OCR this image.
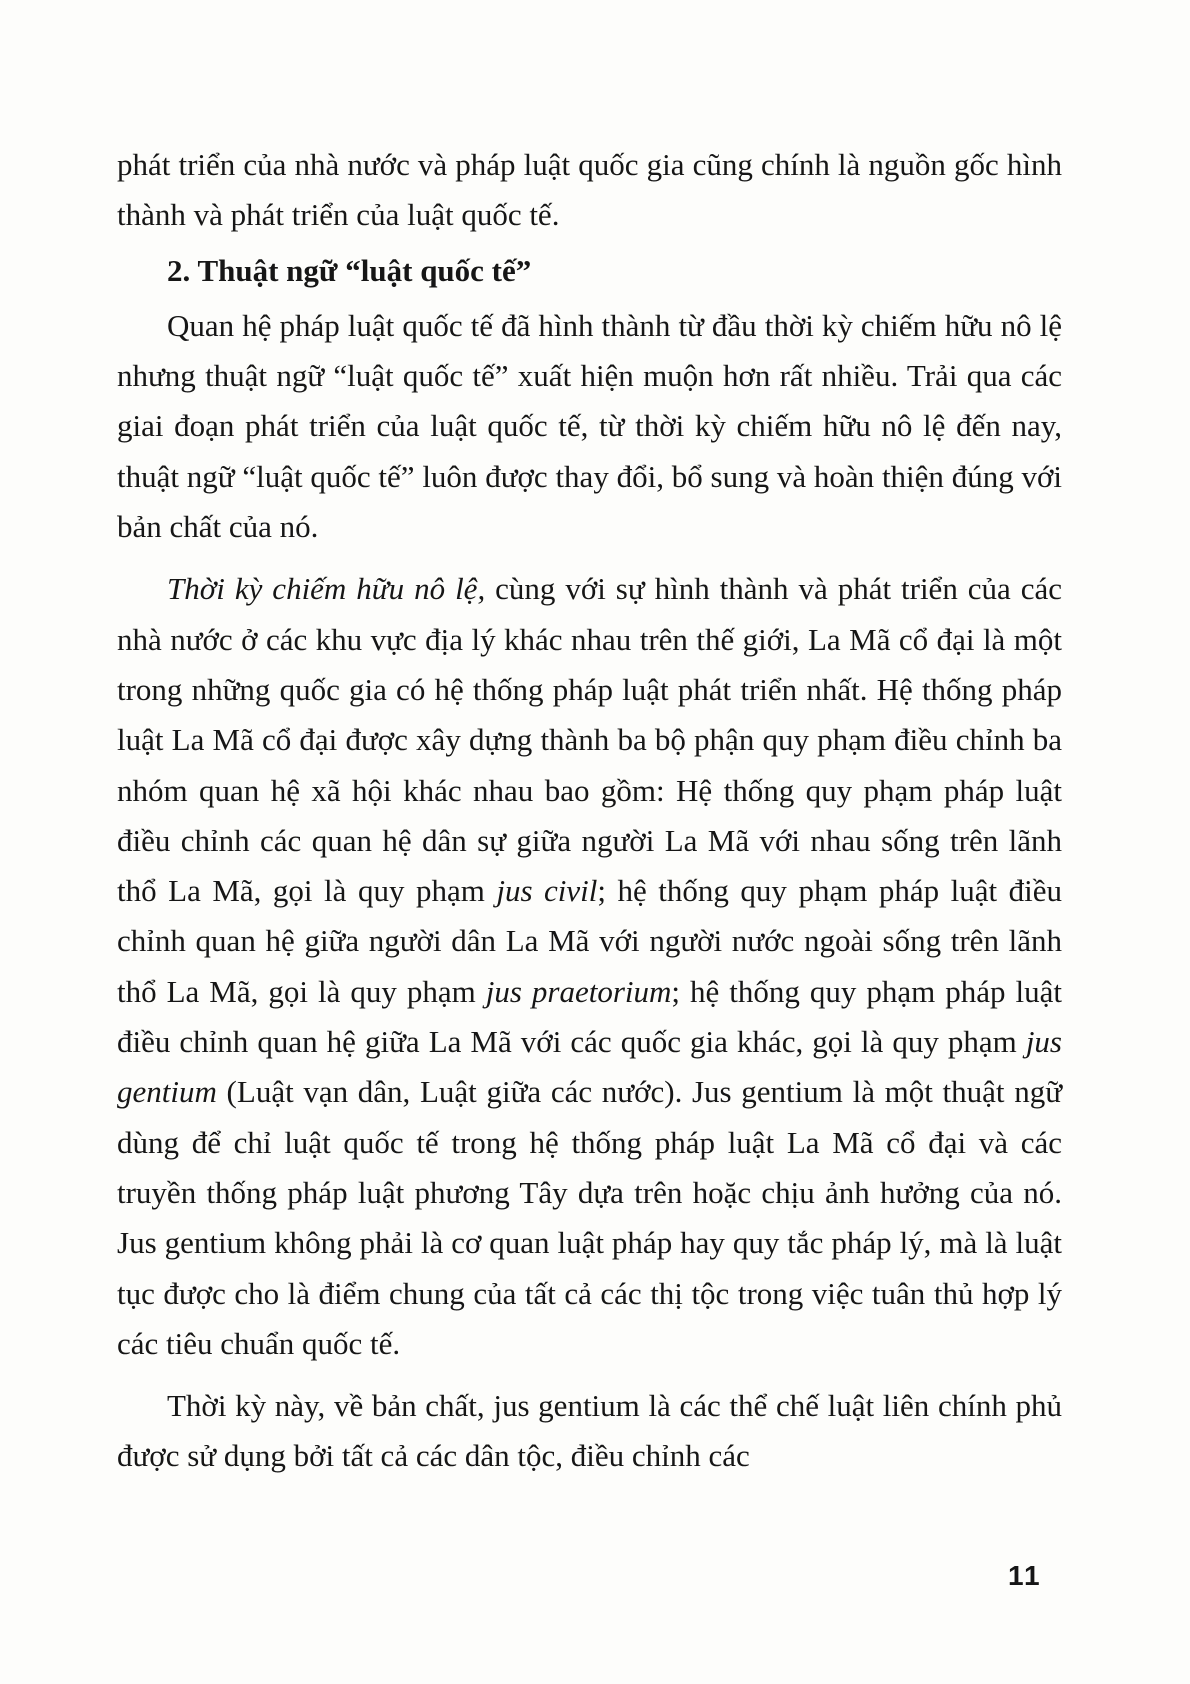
phát triển của nhà nước và pháp luật quốc gia cũng chính là nguồn gốc hình thành và phát triển của luật quốc tế.

2. Thuật ngữ “luật quốc tế”

Quan hệ pháp luật quốc tế đã hình thành từ đầu thời kỳ chiếm hữu nô lệ nhưng thuật ngữ “luật quốc tế” xuất hiện muộn hơn rất nhiều. Trải qua các giai đoạn phát triển của luật quốc tế, từ thời kỳ chiếm hữu nô lệ đến nay, thuật ngữ “luật quốc tế” luôn được thay đổi, bổ sung và hoàn thiện đúng với bản chất của nó.

Thời kỳ chiếm hữu nô lệ, cùng với sự hình thành và phát triển của các nhà nước ở các khu vực địa lý khác nhau trên thế giới, La Mã cổ đại là một trong những quốc gia có hệ thống pháp luật phát triển nhất. Hệ thống pháp luật La Mã cổ đại được xây dựng thành ba bộ phận quy phạm điều chỉnh ba nhóm quan hệ xã hội khác nhau bao gồm: Hệ thống quy phạm pháp luật điều chỉnh các quan hệ dân sự giữa người La Mã với nhau sống trên lãnh thổ La Mã, gọi là quy phạm jus civil; hệ thống quy phạm pháp luật điều chỉnh quan hệ giữa người dân La Mã với người nước ngoài sống trên lãnh thổ La Mã, gọi là quy phạm jus praetorium; hệ thống quy phạm pháp luật điều chỉnh quan hệ giữa La Mã với các quốc gia khác, gọi là quy phạm jus gentium (Luật vạn dân, Luật giữa các nước). Jus gentium là một thuật ngữ dùng để chỉ luật quốc tế trong hệ thống pháp luật La Mã cổ đại và các truyền thống pháp luật phương Tây dựa trên hoặc chịu ảnh hưởng của nó. Jus gentium không phải là cơ quan luật pháp hay quy tắc pháp lý, mà là luật tục được cho là điểm chung của tất cả các thị tộc trong việc tuân thủ hợp lý các tiêu chuẩn quốc tế.

Thời kỳ này, về bản chất, jus gentium là các thể chế luật liên chính phủ được sử dụng bởi tất cả các dân tộc, điều chỉnh các

11
